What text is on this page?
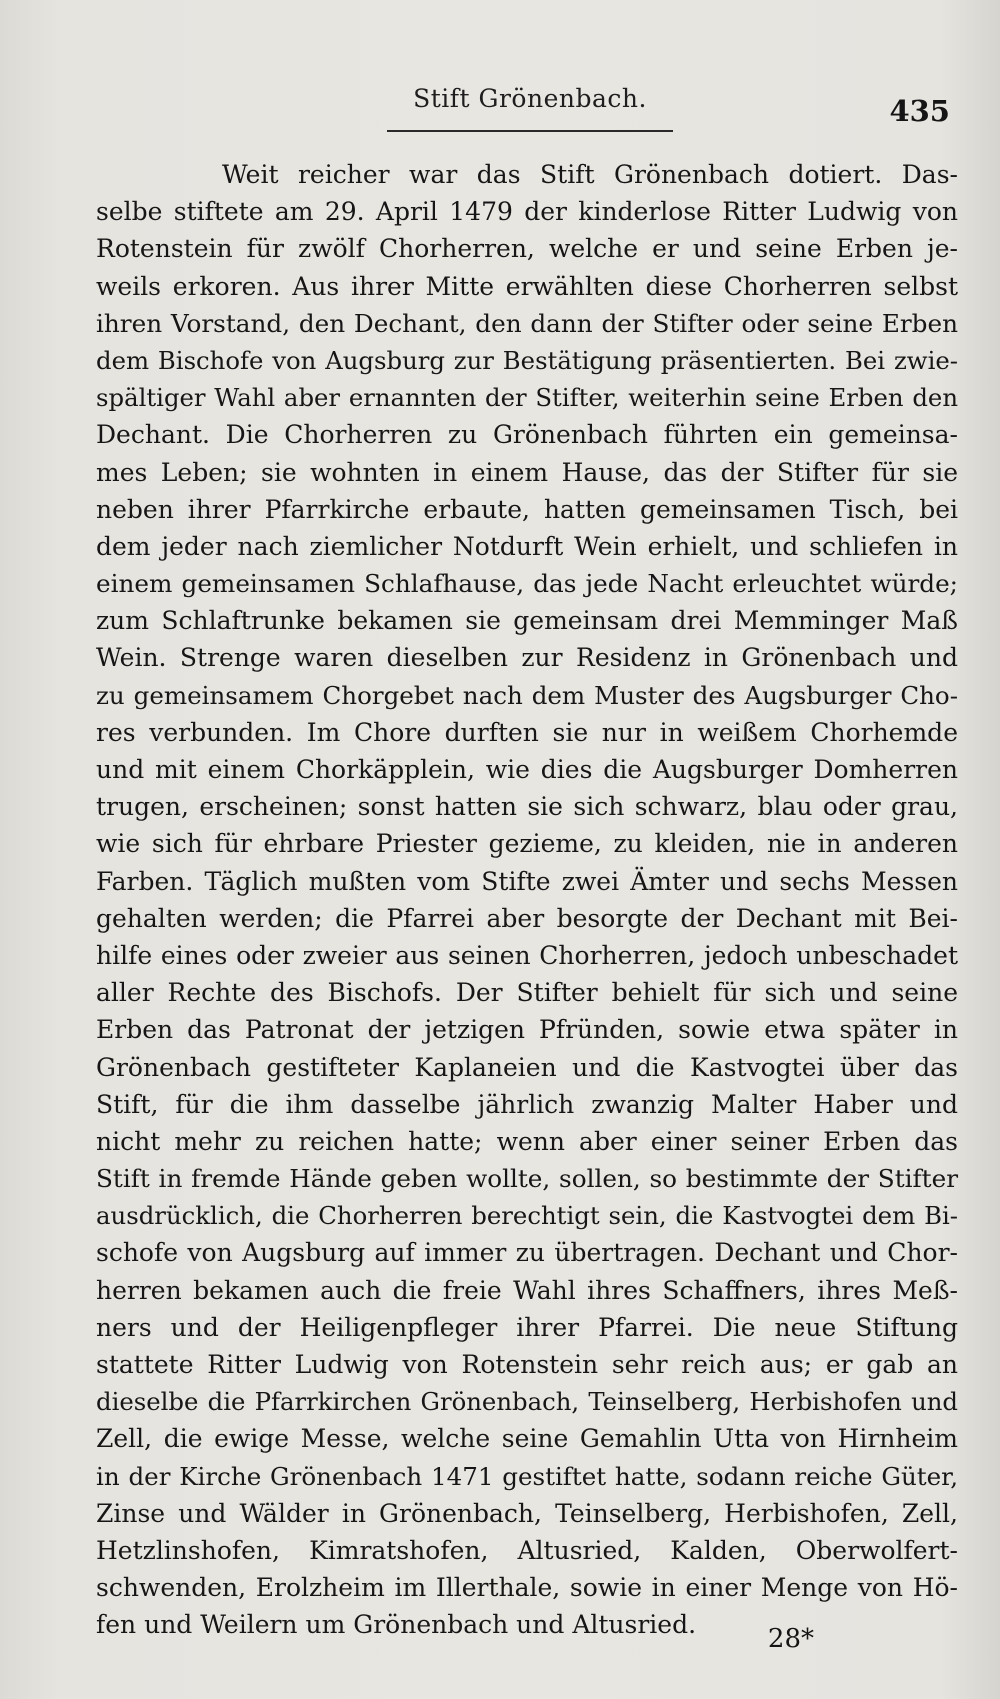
Stift Grönenbach.	435
Weit reicher war das Stift Grönenbach dotiert. Das-
selbe stiftete am 29. April 1479 der kinderlose Ritter Ludwig von
Rotenstein für zwölf Chorherren, welche er und seine Erben je-
weils erkoren. Aus ihrer Mitte erwählten diese Chorherren selbst
ihren Vorstand, den Dechant, den dann der Stifter oder seine Erben
dem Bischofe von Augsburg zur Bestätigung präsentierten. Bei zwie-
spältiger Wahl aber ernannten der Stifter, weiterhin seine Erben den
Dechant. Die Chorherren zu Grönenbach führten ein gemeinsa-
mes Leben; sie wohnten in einem Hause, das der Stifter für sie
neben ihrer Pfarrkirche erbaute, hatten gemeinsamen Tisch, bei
dem jeder nach ziemlicher Notdurft Wein erhielt, und schliefen in
einem gemeinsamen Schlafhause, das jede Nacht erleuchtet würde;
zum Schlaftrunke bekamen sie gemeinsam drei Memminger Maß
Wein. Strenge waren dieselben zur Residenz in Grönenbach und
zu gemeinsamem Chorgebet nach dem Muster des Augsburger Cho-
res verbunden. Im Chore durften sie nur in weißem Chorhemde
und mit einem Chorkäpplein, wie dies die Augsburger Domherren
trugen, erscheinen; sonst hatten sie sich schwarz, blau oder grau,
wie sich für ehrbare Priester gezieme, zu kleiden, nie in anderen
Farben. Täglich mußten vom Stifte zwei Ämter und sechs Messen
gehalten werden; die Pfarrei aber besorgte der Dechant mit Bei-
hilfe eines oder zweier aus seinen Chorherren, jedoch unbeschadet
aller Rechte des Bischofs. Der Stifter behielt für sich und seine
Erben das Patronat der jetzigen Pfründen, sowie etwa später in
Grönenbach gestifteter Kaplaneien und die Kastvogtei über das
Stift, für die ihm dasselbe jährlich zwanzig Malter Haber und
nicht mehr zu reichen hatte; wenn aber einer seiner Erben das
Stift in fremde Hände geben wollte, sollen, so bestimmte der Stifter
ausdrücklich, die Chorherren berechtigt sein, die Kastvogtei dem Bi-
schofe von Augsburg auf immer zu übertragen. Dechant und Chor-
herren bekamen auch die freie Wahl ihres Schaffners, ihres Meß-
ners und der Heiligenpfleger ihrer Pfarrei. Die neue Stiftung
stattete Ritter Ludwig von Rotenstein sehr reich aus; er gab an
dieselbe die Pfarrkirchen Grönenbach, Teinselberg, Herbishofen und
Zell, die ewige Messe, welche seine Gemahlin Utta von Hirnheim
in der Kirche Grönenbach 1471 gestiftet hatte, sodann reiche Güter,
Zinse und Wälder in Grönenbach, Teinselberg, Herbishofen, Zell,
Hetzlinshofen, Kimratshofen, Altusried, Kalden, Oberwolfert-
schwenden, Erolzheim im Illerthale, sowie in einer Menge von Hö-
fen und Weilern um Grönenbach und Altusried.	28*
